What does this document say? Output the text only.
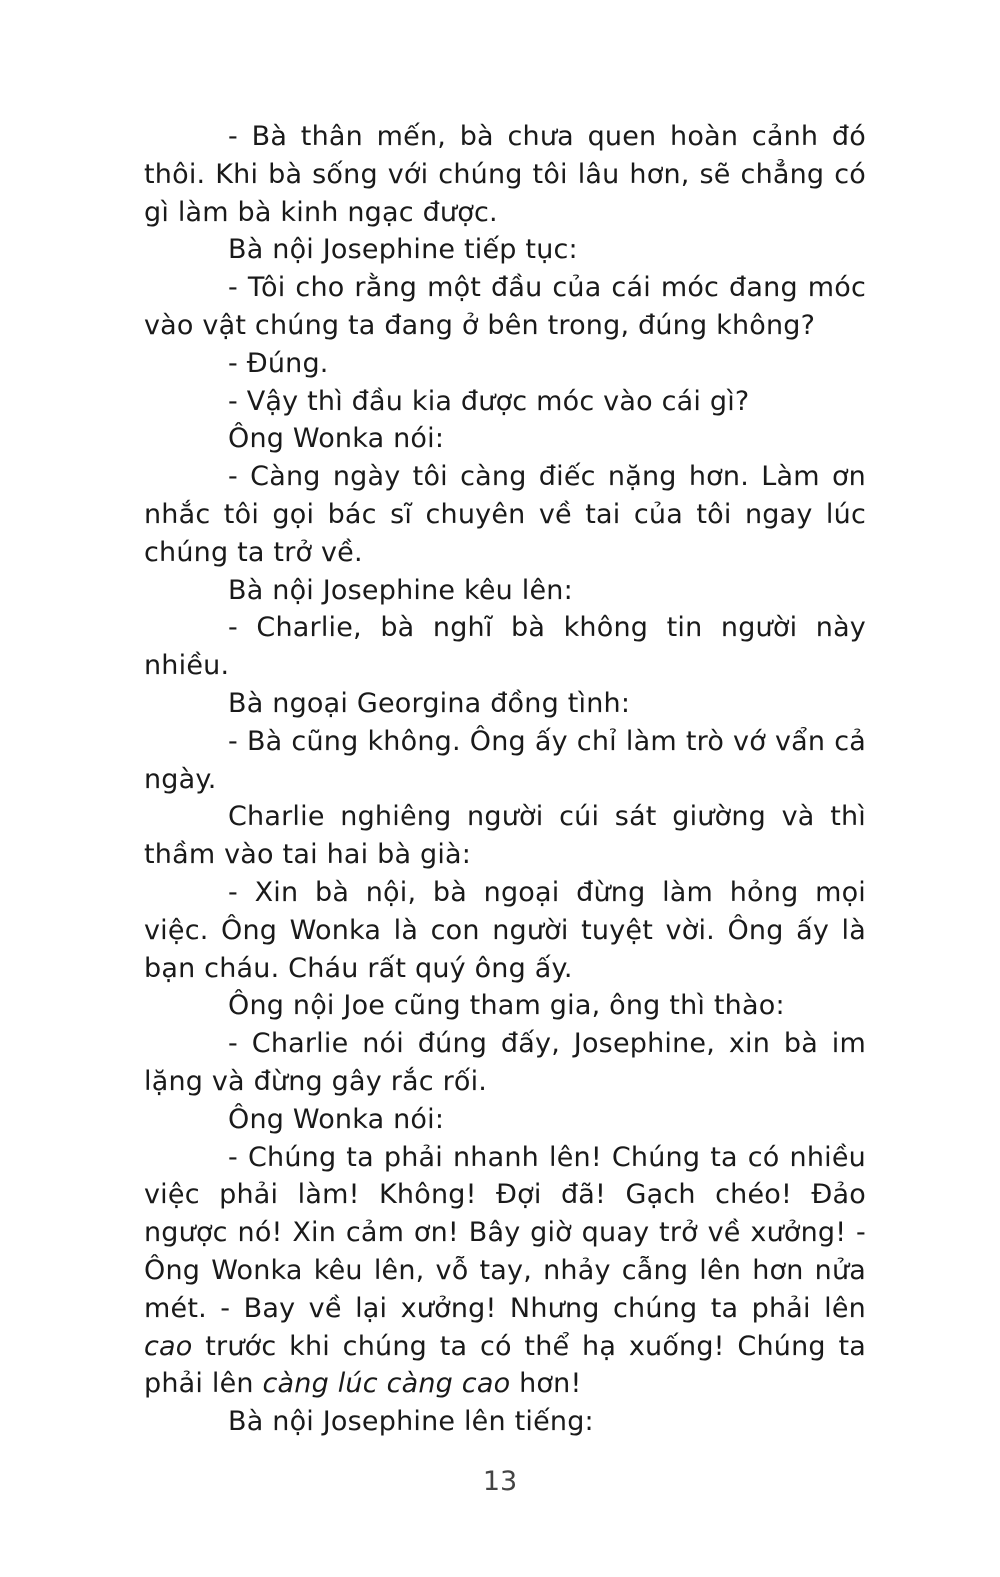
- Bà thân mến, bà chưa quen hoàn cảnh đó thôi. Khi bà sống với chúng tôi lâu hơn, sẽ chẳng có gì làm bà kinh ngạc được.

Bà nội Josephine tiếp tục:

- Tôi cho rằng một đầu của cái móc đang móc vào vật chúng ta đang ở bên trong, đúng không?

- Đúng.

- Vậy thì đầu kia được móc vào cái gì?

Ông Wonka nói:

- Càng ngày tôi càng điếc nặng hơn. Làm ơn nhắc tôi gọi bác sĩ chuyên về tai của tôi ngay lúc chúng ta trở về.

Bà nội Josephine kêu lên:

- Charlie, bà nghĩ bà không tin người này nhiều.

Bà ngoại Georgina đồng tình:

- Bà cũng không. Ông ấy chỉ làm trò vớ vẩn cả ngày.

Charlie nghiêng người cúi sát giường và thì thầm vào tai hai bà già:

- Xin bà nội, bà ngoại đừng làm hỏng mọi việc. Ông Wonka là con người tuyệt vời. Ông ấy là bạn cháu. Cháu rất quý ông ấy.

Ông nội Joe cũng tham gia, ông thì thào:

- Charlie nói đúng đấy, Josephine, xin bà im lặng và đừng gây rắc rối.

Ông Wonka nói:

- Chúng ta phải nhanh lên! Chúng ta có nhiều việc phải làm! Không! Đợi đã! Gạch chéo! Đảo ngược nó! Xin cảm ơn! Bây giờ quay trở về xưởng! - Ông Wonka kêu lên, vỗ tay, nhảy cẫng lên hơn nửa mét. - Bay về lại xưởng! Nhưng chúng ta phải lên cao trước khi chúng ta có thể hạ xuống! Chúng ta phải lên càng lúc càng cao hơn!

Bà nội Josephine lên tiếng:

13
